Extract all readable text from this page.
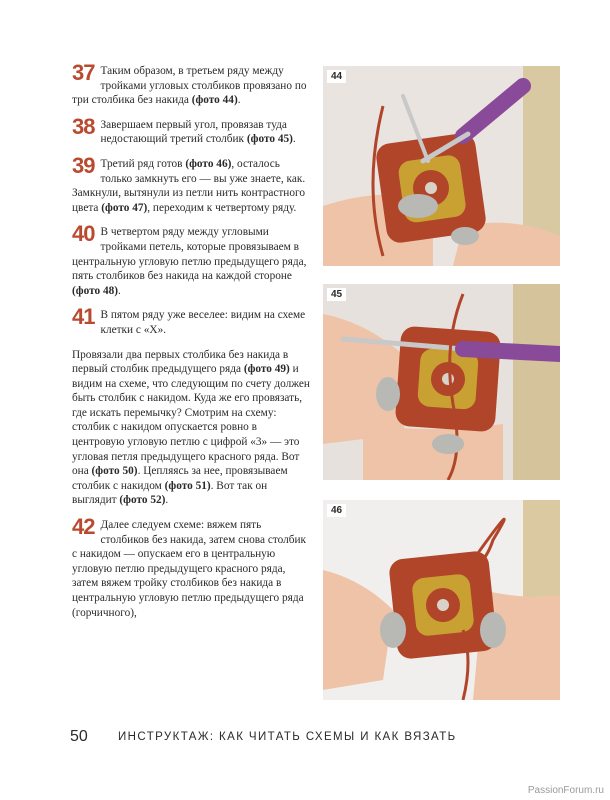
37 Таким образом, в третьем ряду между тройками угловых столбиков провязано по три столбика без накида (фото 44).
38 Завершаем первый угол, провязав туда недостающий третий столбик (фото 45).
39 Третий ряд готов (фото 46), осталось только замкнуть его — вы уже знаете, как. Замкнули, вытянули из петли нить контрастного цвета (фото 47), переходим к четвертому ряду.
40 В четвертом ряду между угловыми тройками петель, которые провязываем в центральную угловую петлю предыдущего ряда, пять столбиков без накида на каждой стороне (фото 48).
41 В пятом ряду уже веселее: видим на схеме клетки с «Х».
Провязали два первых столбика без накида в первый столбик предыдущего ряда (фото 49) и видим на схеме, что следующим по счету должен быть столбик с накидом. Куда же его провязать, где искать перемычку? Смотрим на схему: столбик с накидом опускается ровно в центровую угловую петлю с цифрой «3» — это угловая петля предыдущего красного ряда. Вот она (фото 50). Цепляясь за нее, провязываем столбик с накидом (фото 51). Вот так он выглядит (фото 52).
42 Далее следуем схеме: вяжем пять столбиков без накида, затем снова столбик с накидом — опускаем его в центральную угловую петлю предыдущего красного ряда, затем вяжем тройку столбиков без накида в центральную угловую петлю предыдущего ряда (горчичного),
44
45
46
50	ИНСТРУКТАЖ: КАК ЧИТАТЬ СХЕМЫ И КАК ВЯЗАТЬ
PassionForum.ru
